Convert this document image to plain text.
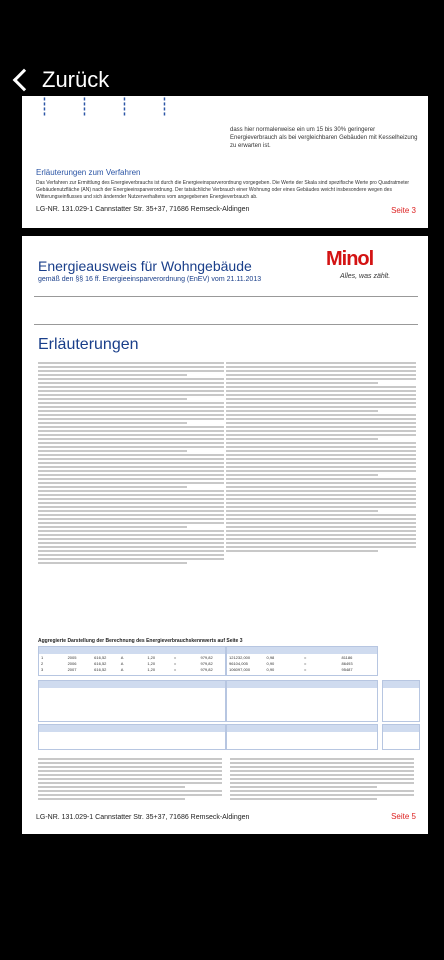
Zurück
▮▮▮▮	▮▮▮▮	▮▮▮▮	▮▮▮▮
dass hier normalerweise ein um 15 bis 30% geringerer Energieverbrauch als bei vergleichbaren Gebäuden mit Kesselheizung zu erwarten ist.
Erläuterungen zum Verfahren
Das Verfahren zur Ermittlung des Energieverbrauchs ist durch die Energieeinsparverordnung vorgegeben. Die Werte der Skala sind spezifische Werte pro Quadratmeter Gebäudenutzfläche (AN) nach der Energieeinsparverordnung. Der tatsächliche Verbrauch einer Wohnung oder eines Gebäudes weicht insbesondere wegen des Witterungseinflusses und sich ändernder Nutzerverhaltens vom angegebenen Energieverbrauch ab.
LG-NR. 131.029-1 Cannstatter Str. 35+37, 71686 Remseck-Aldingen	Seite 3
Energieausweis für Wohngebäude
gemäß den §§ 16 ff. Energieeinsparverordnung (EnEV) vom 21.11.2013
Minol
Alles, was zählt.
Erläuterungen
Aggregierte Darstellung der Berechnung des Energieverbrauchskennwerts auf Seite 3

1	2005	616,52	A	1,20	=	979,82
2	2006	616,52	A	1,20	=	979,82
3	2007	616,52	A	1,20	=	979,82

121232,000	0,98	=	81186
96104,005	0,90	=	86493
106097,000	0,90	=	95487

LG-NR. 131.029-1 Cannstatter Str. 35+37, 71686 Remseck-Aldingen	Seite 5
